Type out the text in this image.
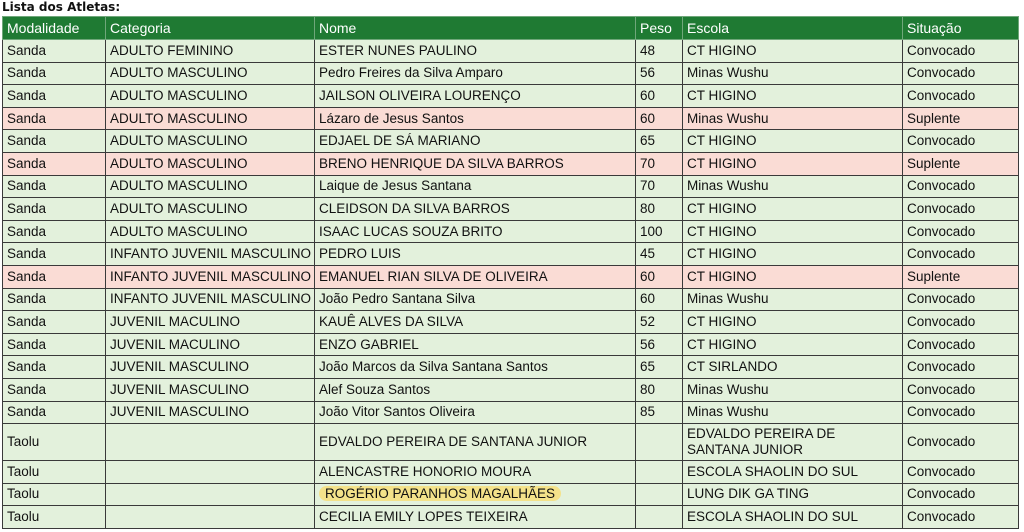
Lista dos Atletas:
Modalidade	Categoria	Nome	Peso	Escola	Situação
Sanda	ADULTO FEMININO	ESTER NUNES PAULINO	48	CT HIGINO	Convocado
Sanda	ADULTO MASCULINO	Pedro Freires da Silva Amparo	56	Minas Wushu	Convocado
Sanda	ADULTO MASCULINO	JAILSON OLIVEIRA LOURENÇO	60	CT HIGINO	Convocado
Sanda	ADULTO MASCULINO	Lázaro de Jesus Santos	60	Minas Wushu	Suplente
Sanda	ADULTO MASCULINO	EDJAEL DE SÁ MARIANO	65	CT HIGINO	Convocado
Sanda	ADULTO MASCULINO	BRENO HENRIQUE DA SILVA BARROS	70	CT HIGINO	Suplente
Sanda	ADULTO MASCULINO	Laique de Jesus Santana	70	Minas Wushu	Convocado
Sanda	ADULTO MASCULINO	CLEIDSON DA SILVA BARROS	80	CT HIGINO	Convocado
Sanda	ADULTO MASCULINO	ISAAC LUCAS SOUZA BRITO	100	CT HIGINO	Convocado
Sanda	INFANTO JUVENIL MASCULINO	PEDRO LUIS	45	CT HIGINO	Convocado
Sanda	INFANTO JUVENIL MASCULINO	EMANUEL RIAN SILVA DE OLIVEIRA	60	CT HIGINO	Suplente
Sanda	INFANTO JUVENIL MASCULINO	João Pedro Santana Silva	60	Minas Wushu	Convocado
Sanda	JUVENIL MACULINO	KAUÊ ALVES DA SILVA	52	CT HIGINO	Convocado
Sanda	JUVENIL MACULINO	ENZO GABRIEL	56	CT HIGINO	Convocado
Sanda	JUVENIL MASCULINO	João Marcos da Silva Santana Santos	65	CT SIRLANDO	Convocado
Sanda	JUVENIL MASCULINO	Alef Souza Santos	80	Minas Wushu	Convocado
Sanda	JUVENIL MASCULINO	João Vitor Santos Oliveira	85	Minas Wushu	Convocado
Taolu		EDVALDO PEREIRA DE SANTANA JUNIOR		EDVALDO PEREIRA DE SANTANA JUNIOR	Convocado
Taolu		ALENCASTRE HONORIO MOURA		ESCOLA SHAOLIN DO SUL	Convocado
Taolu		ROGÉRIO PARANHOS MAGALHÃES		LUNG DIK GA TING	Convocado
Taolu		CECILIA EMILY LOPES TEIXEIRA		ESCOLA SHAOLIN DO SUL	Convocado
